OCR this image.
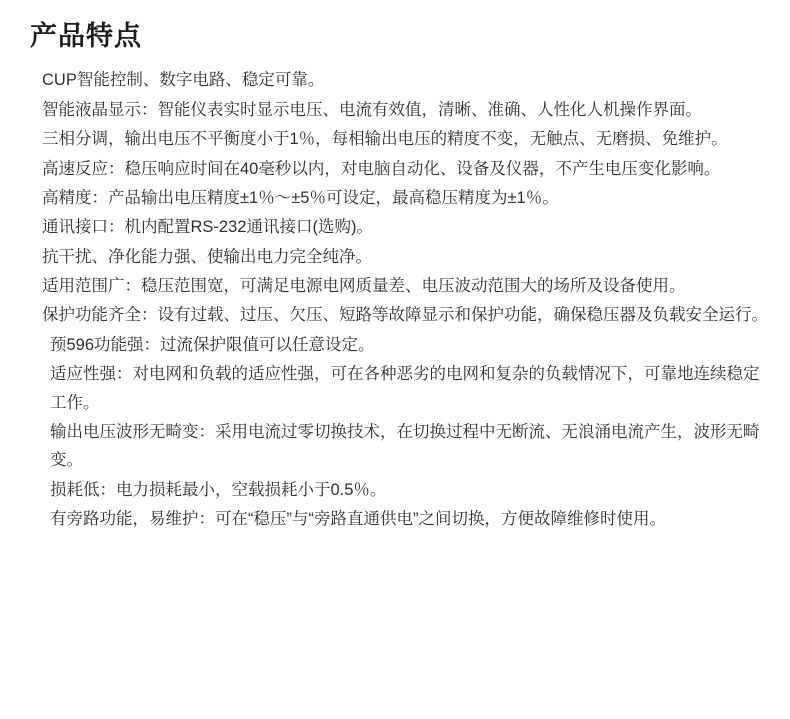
产品特点
CUP智能控制、数字电路、稳定可靠。
智能液晶显示：智能仪表实时显示电压、电流有效值，清晰、准确、人性化人机操作界面。
三相分调，输出电压不平衡度小于1％，每相输出电压的精度不变，无触点、无磨损、免维护。
高速反应：稳压响应时间在40毫秒以内，对电脑自动化、设备及仪器，不产生电压变化影响。
高精度：产品输出电压精度±1％～±5％可设定，最高稳压精度为±1％。
通讯接口：机内配置RS-232通讯接口(选购)。
抗干扰、净化能力强、使输出电力完全纯净。
适用范围广：稳压范围宽，可满足电源电网质量差、电压波动范围大的场所及设备使用。
保护功能齐全：设有过载、过压、欠压、短路等故障显示和保护功能，确保稳压器及负载安全运行。
预596功能强：过流保护限值可以任意设定。
适应性强：对电网和负载的适应性强，可在各种恶劣的电网和复杂的负载情况下，可靠地连续稳定工作。
输出电压波形无畸变：采用电流过零切换技术，在切换过程中无断流、无浪涌电流产生，波形无畸变。
损耗低：电力损耗最小，空载损耗小于0.5％。
有旁路功能，易维护：可在“稳压”与“旁路直通供电”之间切换，方便故障维修时使用。
